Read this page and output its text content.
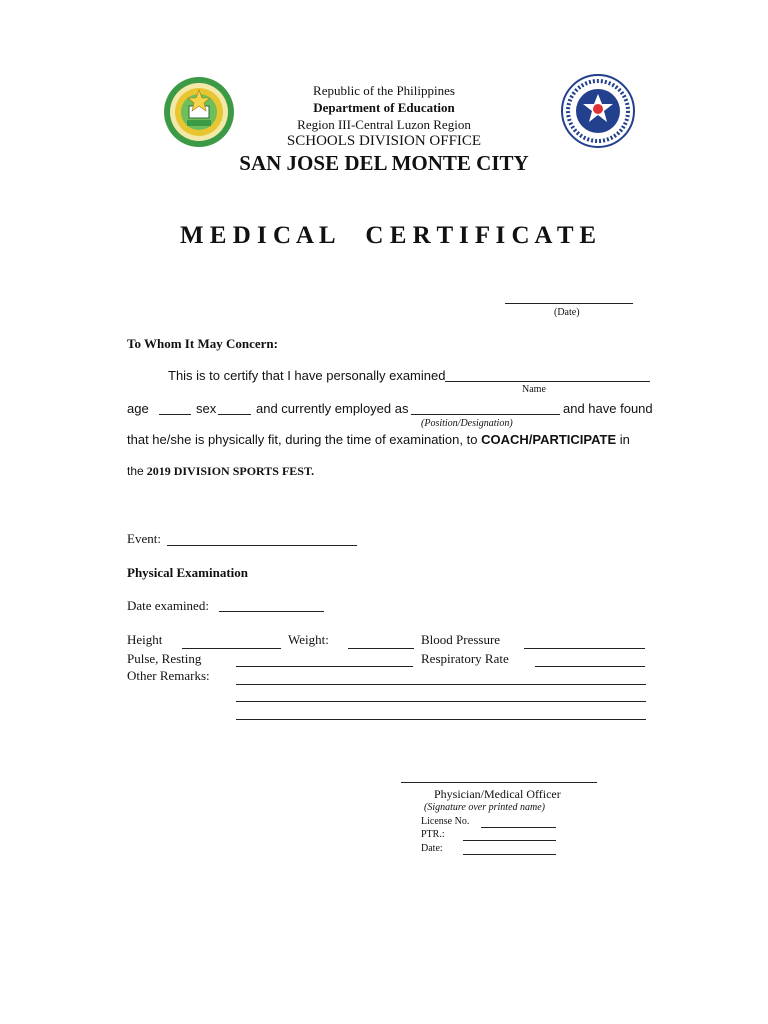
Republic of the Philippines
Department of Education
Region III-Central Luzon Region
SCHOOLS DIVISION OFFICE
SAN JOSE DEL MONTE CITY
M E D I C A L     C E R T I F I C A T E
(Date)
To Whom It May Concern:
This is to certify that I have personally examined
Name
age	sex	and currently employed as	and have found
(Position/Designation)
that he/she is physically fit, during the time of examination, to COACH/PARTICIPATE in
the 2019 DIVISION SPORTS FEST.
Event:
Physical Examination
Date examined:
Height	Weight:	Blood Pressure
Pulse, Resting	Respiratory Rate
Other Remarks:
Physician/Medical Officer
(Signature over printed name)
License No.
PTR.:
Date:
